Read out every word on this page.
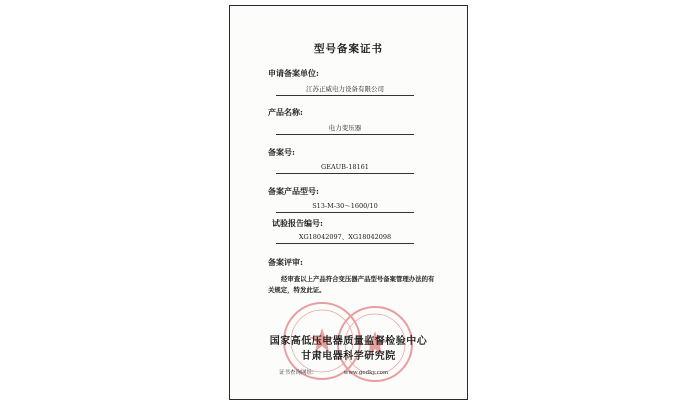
型号备案证书
申请备案单位:
江苏正威电力设备有限公司
产品名称:
电力变压器
备案号:
GEAUB-18161
备案产品型号:
S13-M-30～1600/10
试验报告编号:
XG18042097、XG18042098
备案评审:
经审查以上产品符合变压器产品型号备案管理办法的有关规定，特发此证。
国家高低压电器质量监督检验中心
甘肃电器科学研究院
证书查询网址:	www.gedky.com
